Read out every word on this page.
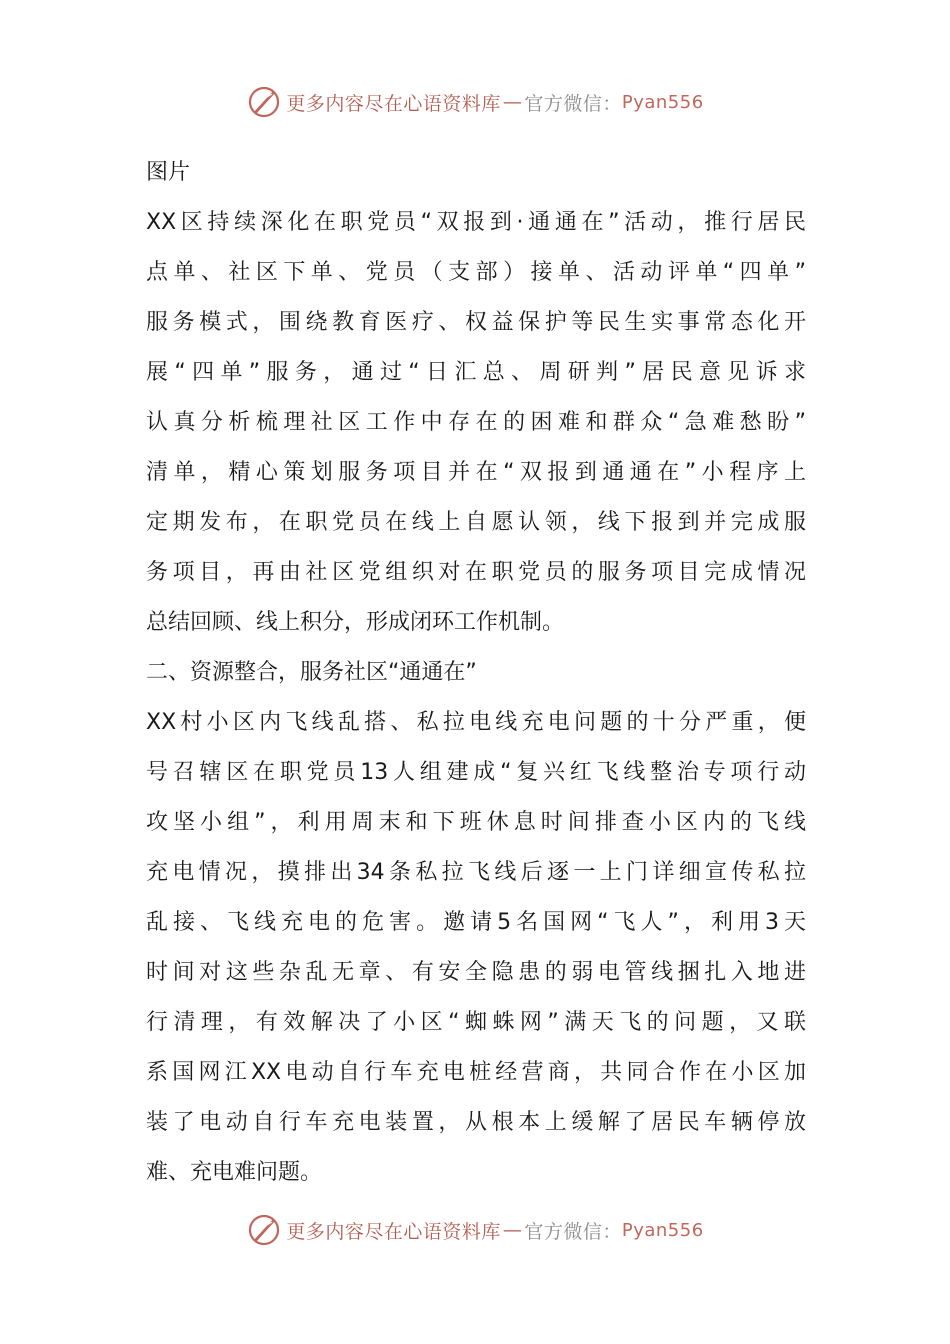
更多内容尽在心语资料库 — 官方微信： Pyan556
图片
XX区持续深化在职党员“双报到·通通在”活动，推行居民
点单、社区下单、党员（支部）接单、活动评单“四单”
服务模式，围绕教育医疗、权益保护等民生实事常态化开
展“四单”服务，通过“日汇总、周研判”居民意见诉求
认真分析梳理社区工作中存在的困难和群众“急难愁盼”
清单，精心策划服务项目并在“双报到通通在”小程序上
定期发布，在职党员在线上自愿认领，线下报到并完成服
务项目，再由社区党组织对在职党员的服务项目完成情况
总结回顾、线上积分，形成闭环工作机制。
二、资源整合，服务社区“通通在”
XX村小区内飞线乱搭、私拉电线充电问题的十分严重，便
号召辖区在职党员13人组建成“复兴红飞线整治专项行动
攻坚小组”，利用周末和下班休息时间排查小区内的飞线
充电情况，摸排出34条私拉飞线后逐一上门详细宣传私拉
乱接、飞线充电的危害。邀请5名国网“飞人”，利用3天
时间对这些杂乱无章、有安全隐患的弱电管线捆扎入地进
行清理，有效解决了小区“蜘蛛网”满天飞的问题，又联
系国网江XX电动自行车充电桩经营商，共同合作在小区加
装了电动自行车充电装置，从根本上缓解了居民车辆停放
难、充电难问题。
更多内容尽在心语资料库 — 官方微信： Pyan556
